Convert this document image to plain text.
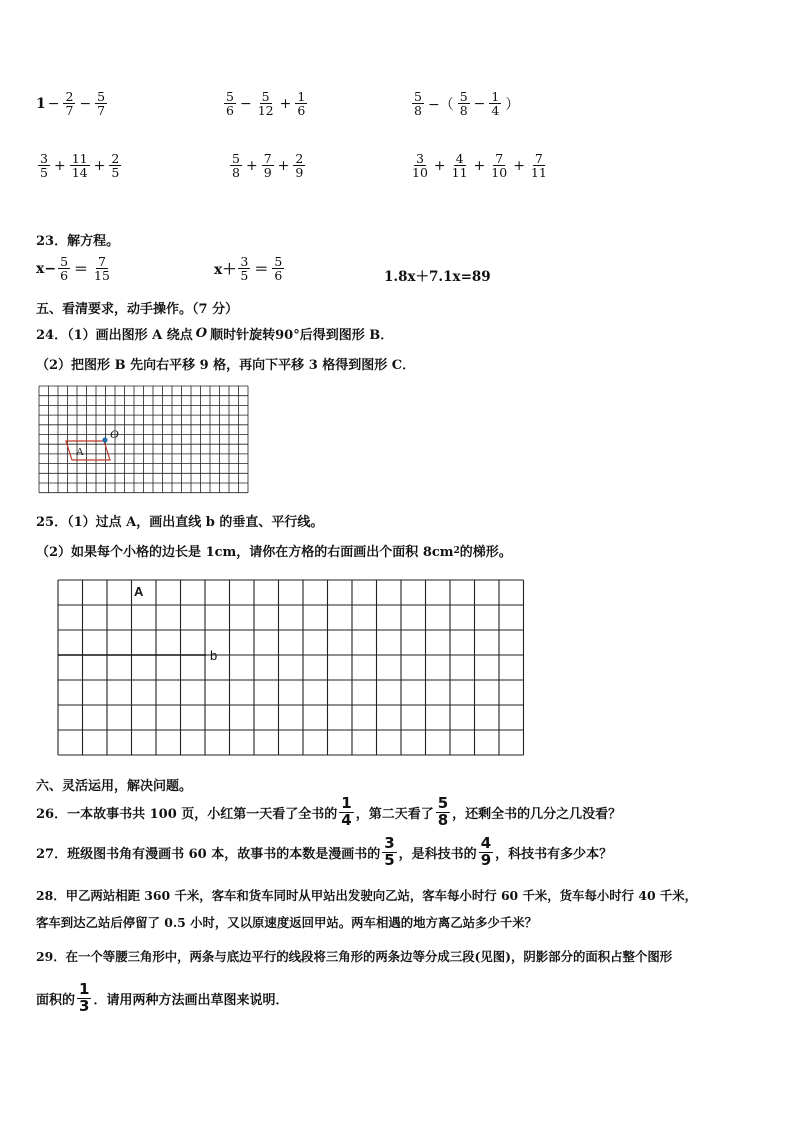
$1 - \frac{2}{7} - \frac{5}{7}$	$\frac{5}{6} - \frac{5}{12} + \frac{1}{6}$	$\frac{5}{8}$ −（ $\frac{5}{8} - \frac{1}{4}$ ）
$\frac{3}{5} + \frac{11}{14} + \frac{2}{5}$	$\frac{5}{8} + \frac{7}{9} + \frac{2}{9}$	$\frac{3}{10} + \frac{4}{11} + \frac{7}{10} + \frac{7}{11}$
23．解方程。
$x- \frac{5}{6} = \frac{7}{15}$	$x+ \frac{3}{5} = \frac{5}{6}$	1.8x＋7.1x=89
五、看清要求，动手操作。（7 分）
24．（1）画出图形 A 绕点 O 顺时针旋转90°后得到图形 B．
（2）把图形 B 先向右平移 9 格，再向下平移 3 格得到图形 C．
A
O
25．（1）过点 A，画出直线 b 的垂直、平行线。
（2）如果每个小格的边长是 1cm，请你在方格的右面画出个面积 8cm 2 的梯形。
A
b
六、灵活运用，解决问题。
26．一本故事书共 100 页，小红第一天看了全书的 $\frac{1}{4}$ ，第二天看了 $\frac{5}{8}$ ，还剩全书的几分之几没看？
27．班级图书角有漫画书 60 本，故事书的本数是漫画书的 $\frac{3}{5}$ ，是科技书的 $\frac{4}{9}$ ，科技书有多少本？
28．甲乙两站相距 360 千米，客车和货车同时从甲站出发驶向乙站，客车每小时行 60 千米，货车每小时行 40 千米，
客车到达乙站后停留了 0.5 小时，又以原速度返回甲站。两车相遇的地方离乙站多少千米？
29．在一个等腰三角形中，两条与底边平行的线段将三角形的两条边等分成三段(见图)，阴影部分的面积占整个图形
面积的 $\frac{1}{3}$ ．请用两种方法画出草图来说明．
